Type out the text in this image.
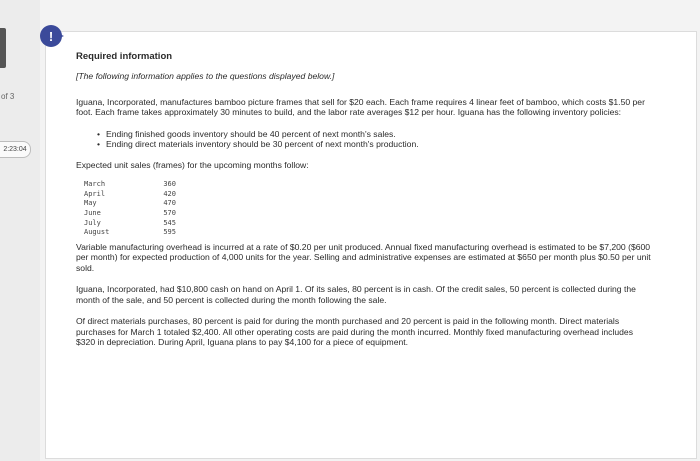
of 3
2:23:04
!
Required information
[The following information applies to the questions displayed below.]

Iguana, Incorporated, manufactures bamboo picture frames that sell for $20 each. Each frame requires 4 linear feet of bamboo, which costs $1.50 per foot. Each frame takes approximately 30 minutes to build, and the labor rate averages $12 per hour. Iguana has the following inventory policies:

• Ending finished goods inventory should be 40 percent of next month's sales.
• Ending direct materials inventory should be 30 percent of next month's production.

Expected unit sales (frames) for the upcoming months follow:

March	360
April	420
May	470
June	570
July	545
August	595

Variable manufacturing overhead is incurred at a rate of $0.20 per unit produced. Annual fixed manufacturing overhead is estimated to be $7,200 ($600 per month) for expected production of 4,000 units for the year. Selling and administrative expenses are estimated at $650 per month plus $0.50 per unit sold.

Iguana, Incorporated, had $10,800 cash on hand on April 1. Of its sales, 80 percent is in cash. Of the credit sales, 50 percent is collected during the month of the sale, and 50 percent is collected during the month following the sale.

Of direct materials purchases, 80 percent is paid for during the month purchased and 20 percent is paid in the following month. Direct materials purchases for March 1 totaled $2,400. All other operating costs are paid during the month incurred. Monthly fixed manufacturing overhead includes $320 in depreciation. During April, Iguana plans to pay $4,100 for a piece of equipment.
